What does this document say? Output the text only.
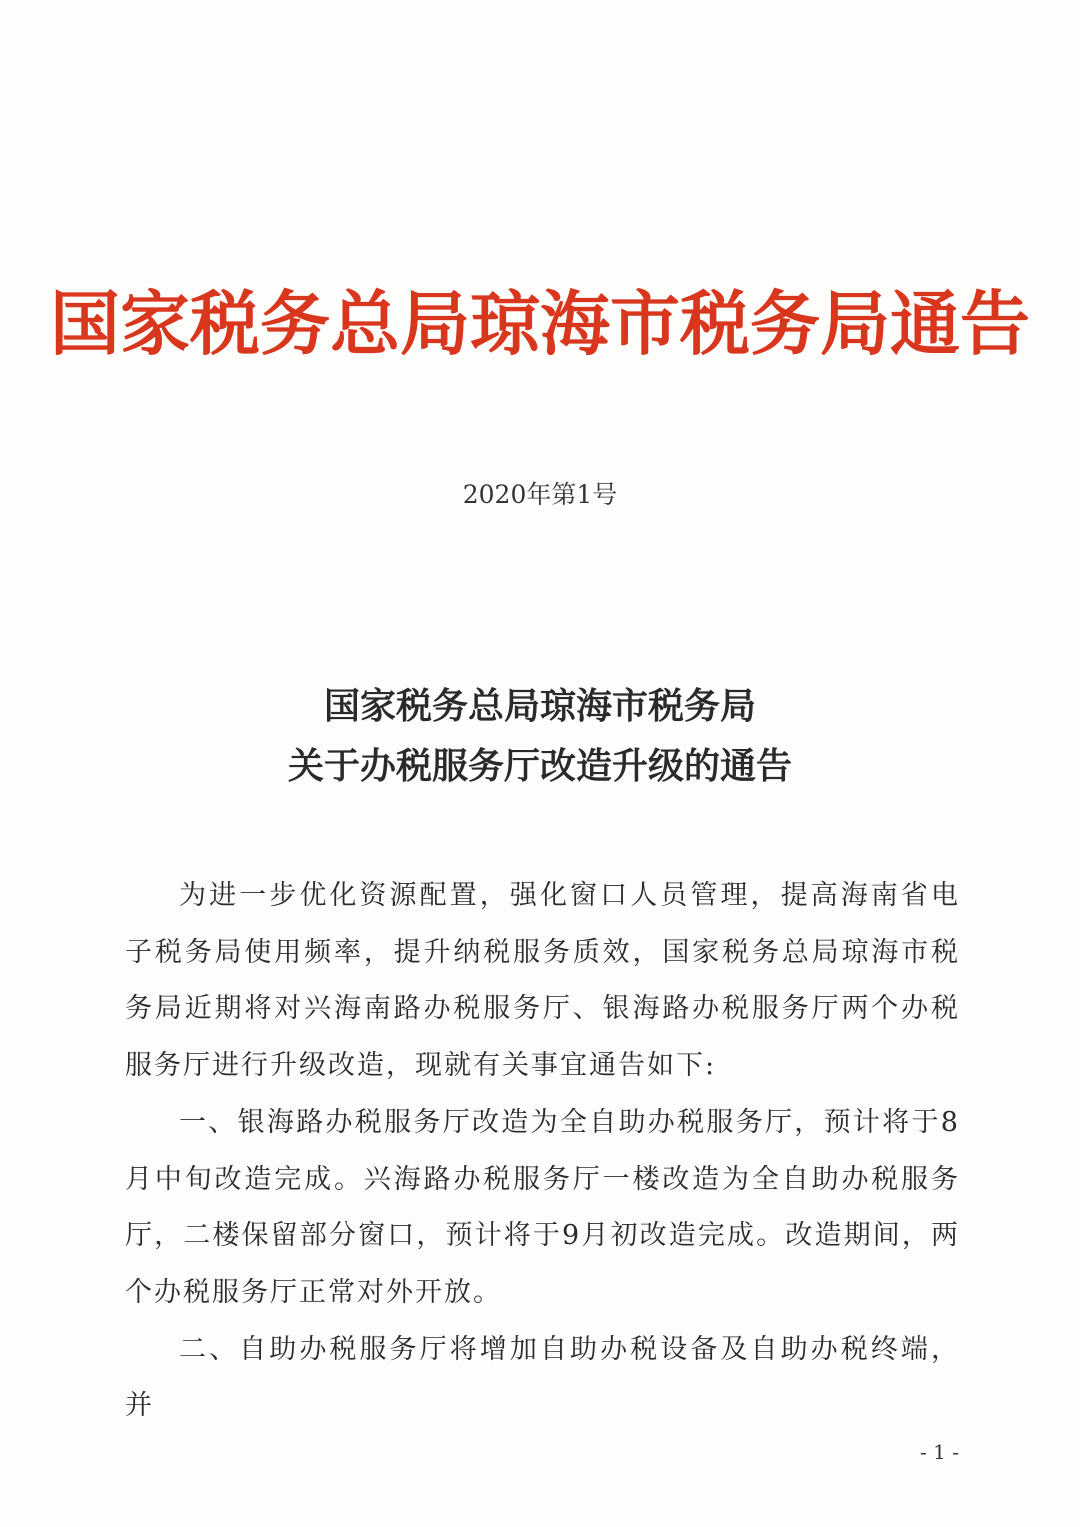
国家税务总局琼海市税务局通告
2020年第1号
国家税务总局琼海市税务局
关于办税服务厅改造升级的通告

为进一步优化资源配置，强化窗口人员管理，提高海南省电子税务局使用频率，提升纳税服务质效，国家税务总局琼海市税务局近期将对兴海南路办税服务厅、银海路办税服务厅两个办税服务厅进行升级改造，现就有关事宜通告如下:

一、银海路办税服务厅改造为全自助办税服务厅，预计将于8月中旬改造完成。兴海路办税服务厅一楼改造为全自助办税服务厅，二楼保留部分窗口，预计将于9月初改造完成。改造期间，两个办税服务厅正常对外开放。

二、自助办税服务厅将增加自助办税设备及自助办税终端，并

- 1 -
